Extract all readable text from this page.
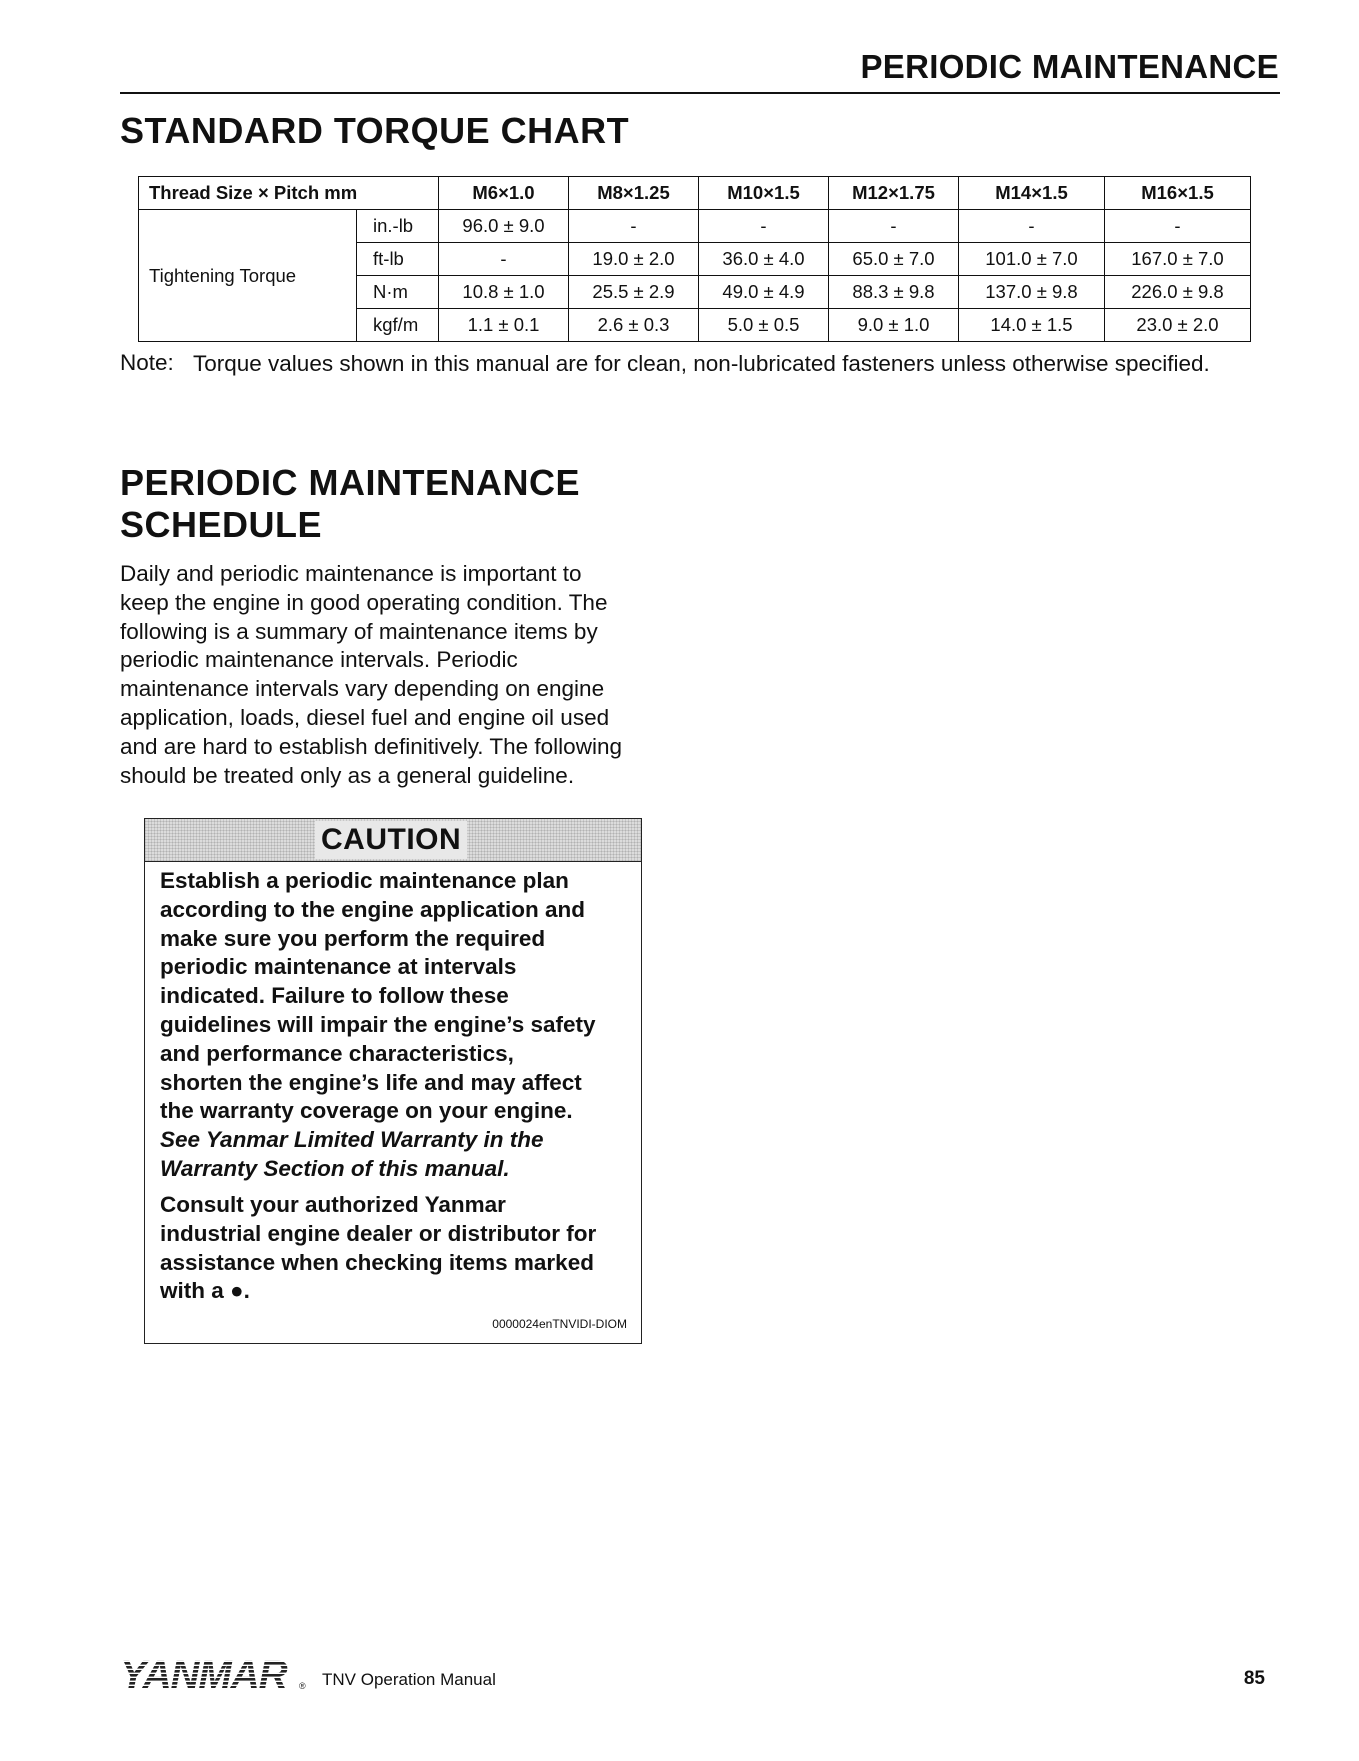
PERIODIC MAINTENANCE
STANDARD TORQUE CHART
Thread Size × Pitch mm		M6×1.0	M8×1.25	M10×1.5	M12×1.75	M14×1.5	M16×1.5
Tightening Torque	in.-lb	96.0 ± 9.0	-	-	-	-	-
	ft-lb	-	19.0 ± 2.0	36.0 ± 4.0	65.0 ± 7.0	101.0 ± 7.0	167.0 ± 7.0
	N·m	10.8 ± 1.0	25.5 ± 2.9	49.0 ± 4.9	88.3 ± 9.8	137.0 ± 9.8	226.0 ± 9.8
	kgf/m	1.1 ± 0.1	2.6 ± 0.3	5.0 ± 0.5	9.0 ± 1.0	14.0 ± 1.5	23.0 ± 2.0
Note: Torque values shown in this manual are for clean, non-lubricated fasteners unless otherwise specified.
PERIODIC MAINTENANCE
SCHEDULE
Daily and periodic maintenance is important to
keep the engine in good operating condition. The
following is a summary of maintenance items by
periodic maintenance intervals. Periodic
maintenance intervals vary depending on engine
application, loads, diesel fuel and engine oil used
and are hard to establish definitively. The following
should be treated only as a general guideline.
CAUTION
Establish a periodic maintenance plan
according to the engine application and
make sure you perform the required
periodic maintenance at intervals
indicated. Failure to follow these
guidelines will impair the engine’s safety
and performance characteristics,
shorten the engine’s life and may affect
the warranty coverage on your engine.
See Yanmar Limited Warranty in the
Warranty Section of this manual.
Consult your authorized Yanmar
industrial engine dealer or distributor for
assistance when checking items marked
with a ●.
0000024enTNVIDI-DIOM
YANMAR ® TNV Operation Manual	85
